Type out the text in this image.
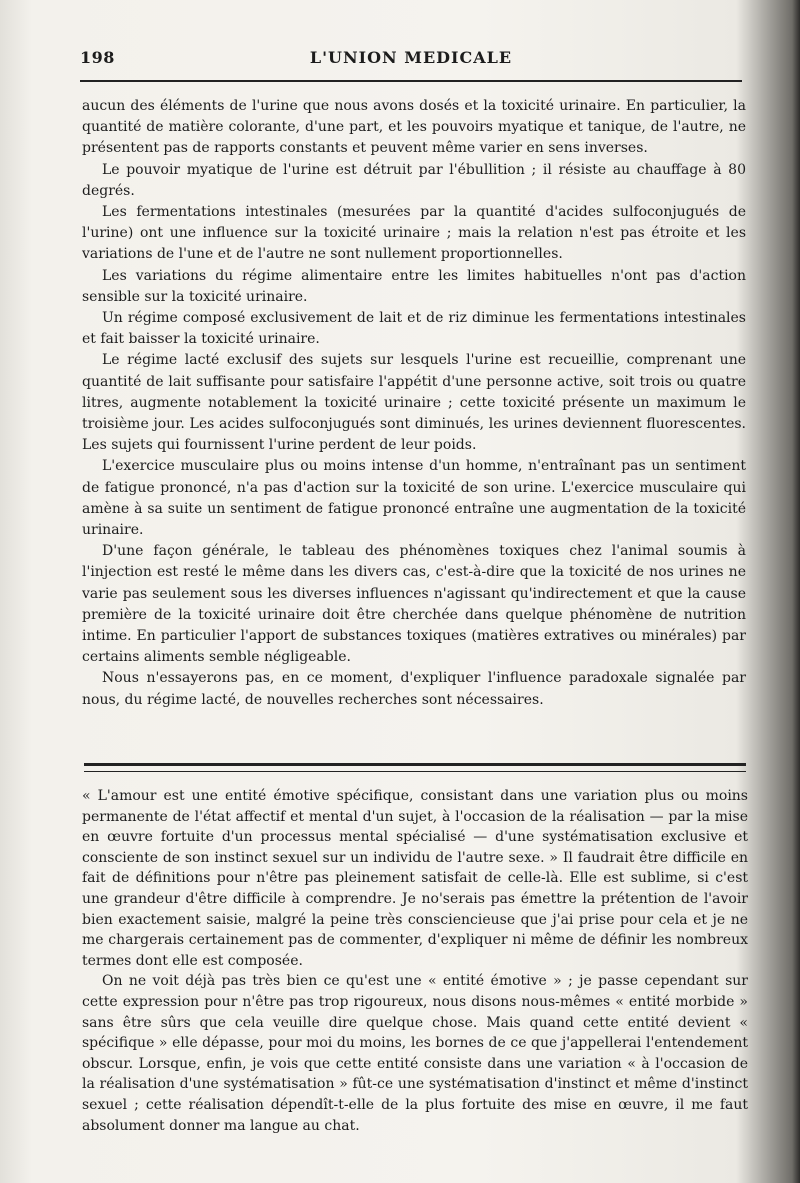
198	L'UNION MEDICALE

aucun des éléments de l'urine que nous avons dosés et la toxicité urinaire. En particulier, la quantité de matière colorante, d'une part, et les pouvoirs myatique et tanique, de l'autre, ne présentent pas de rapports constants et peuvent même varier en sens inverses.

Le pouvoir myatique de l'urine est détruit par l'ébullition ; il résiste au chauffage à 80 degrés.

Les fermentations intestinales (mesurées par la quantité d'acides sulfoconjugués de l'urine) ont une influence sur la toxicité urinaire ; mais la relation n'est pas étroite et les variations de l'une et de l'autre ne sont nullement proportionnelles.

Les variations du régime alimentaire entre les limites habituelles n'ont pas d'action sensible sur la toxicité urinaire.

Un régime composé exclusivement de lait et de riz diminue les fermentations intestinales et fait baisser la toxicité urinaire.

Le régime lacté exclusif des sujets sur lesquels l'urine est recueillie, comprenant une quantité de lait suffisante pour satisfaire l'appétit d'une personne active, soit trois ou quatre litres, augmente notablement la toxicité urinaire ; cette toxicité présente un maximum le troisième jour. Les acides sulfoconjugués sont diminués, les urines deviennent fluorescentes. Les sujets qui fournissent l'urine perdent de leur poids.

L'exercice musculaire plus ou moins intense d'un homme, n'entraînant pas un sentiment de fatigue prononcé, n'a pas d'action sur la toxicité de son urine. L'exercice musculaire qui amène à sa suite un sentiment de fatigue prononcé entraîne une augmentation de la toxicité urinaire.

D'une façon générale, le tableau des phénomènes toxiques chez l'animal soumis à l'injection est resté le même dans les divers cas, c'est-à-dire que la toxicité de nos urines ne varie pas seulement sous les diverses influences n'agissant qu'indirectement et que la cause première de la toxicité urinaire doit être cherchée dans quelque phénomène de nutrition intime. En particulier l'apport de substances toxiques (matières extratives ou minérales) par certains aliments semble négligeable.

Nous n'essayerons pas, en ce moment, d'expliquer l'influence paradoxale signalée par nous, du régime lacté, de nouvelles recherches sont nécessaires.

« L'amour est une entité émotive spécifique, consistant dans une variation plus ou moins permanente de l'état affectif et mental d'un sujet, à l'occasion de la réalisation — par la mise en œuvre fortuite d'un processus mental spécialisé — d'une systématisation exclusive et consciente de son instinct sexuel sur un individu de l'autre sexe. » Il faudrait être difficile en fait de définitions pour n'être pas pleinement satisfait de celle-là. Elle est sublime, si c'est une grandeur d'être difficile à comprendre. Je no'serais pas émettre la prétention de l'avoir bien exactement saisie, malgré la peine très consciencieuse que j'ai prise pour cela et je ne me chargerais certainement pas de commenter, d'expliquer ni même de définir les nombreux termes dont elle est composée.

On ne voit déjà pas très bien ce qu'est une « entité émotive » ; je passe cependant sur cette expression pour n'être pas trop rigoureux, nous disons nous-mêmes « entité morbide » sans être sûrs que cela veuille dire quelque chose. Mais quand cette entité devient « spécifique » elle dépasse, pour moi du moins, les bornes de ce que j'appellerai l'entendement obscur. Lorsque, enfin, je vois que cette entité consiste dans une variation « à l'occasion de la réalisation d'une systématisation » fût-ce une systématisation d'instinct et même d'instinct sexuel ; cette réalisation dépendît-t-elle de la plus fortuite des mise en œuvre, il me faut absolument donner ma langue au chat.
